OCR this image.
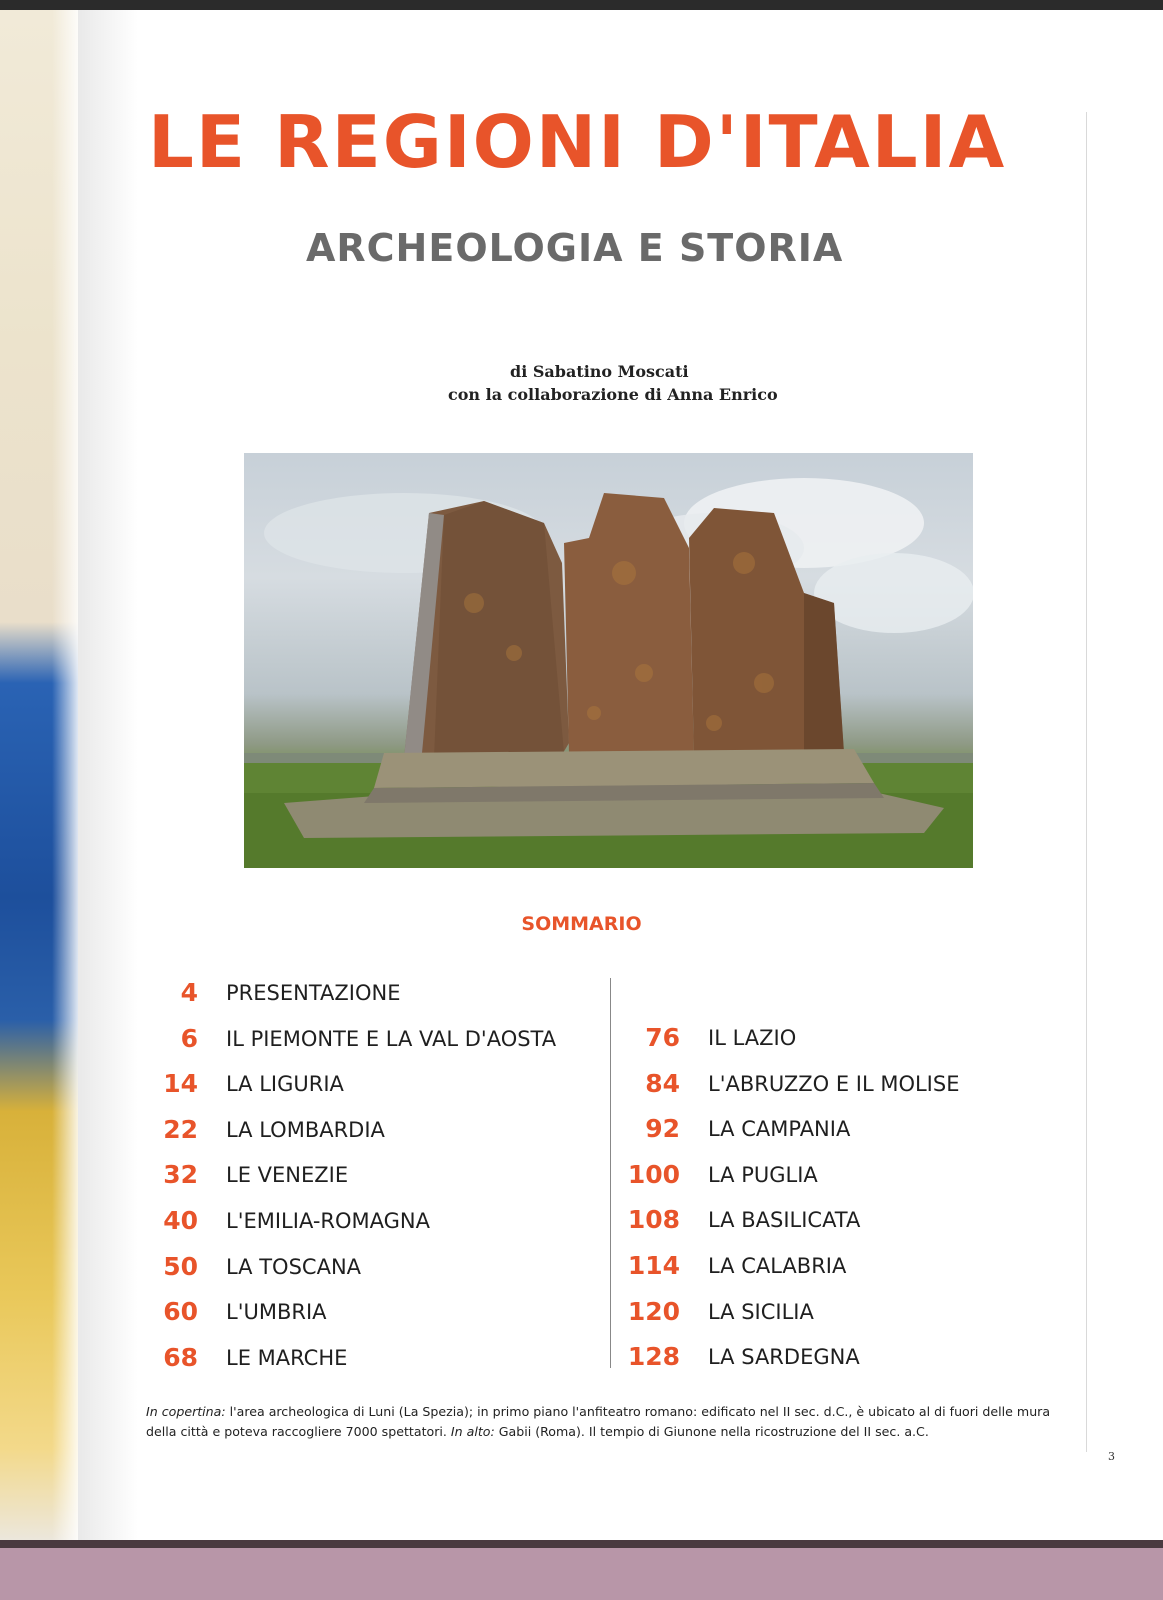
LE REGIONI D'ITALIA
ARCHEOLOGIA E STORIA
di Sabatino Moscati
con la collaborazione di Anna Enrico
SOMMARIO
4 PRESENTAZIONE
6 IL PIEMONTE E LA VAL D'AOSTA
14 LA LIGURIA
22 LA LOMBARDIA
32 LE VENEZIE
40 L'EMILIA-ROMAGNA
50 LA TOSCANA
60 L'UMBRIA
68 LE MARCHE
76 IL LAZIO
84 L'ABRUZZO E IL MOLISE
92 LA CAMPANIA
100 LA PUGLIA
108 LA BASILICATA
114 LA CALABRIA
120 LA SICILIA
128 LA SARDEGNA
In copertina: l'area archeologica di Luni (La Spezia); in primo piano l'anfiteatro romano: edificato nel II sec. d.C., è ubicato al di fuori delle mura della città e poteva raccogliere 7000 spettatori. In alto: Gabii (Roma). Il tempio di Giunone nella ricostruzione del II sec. a.C.
3
